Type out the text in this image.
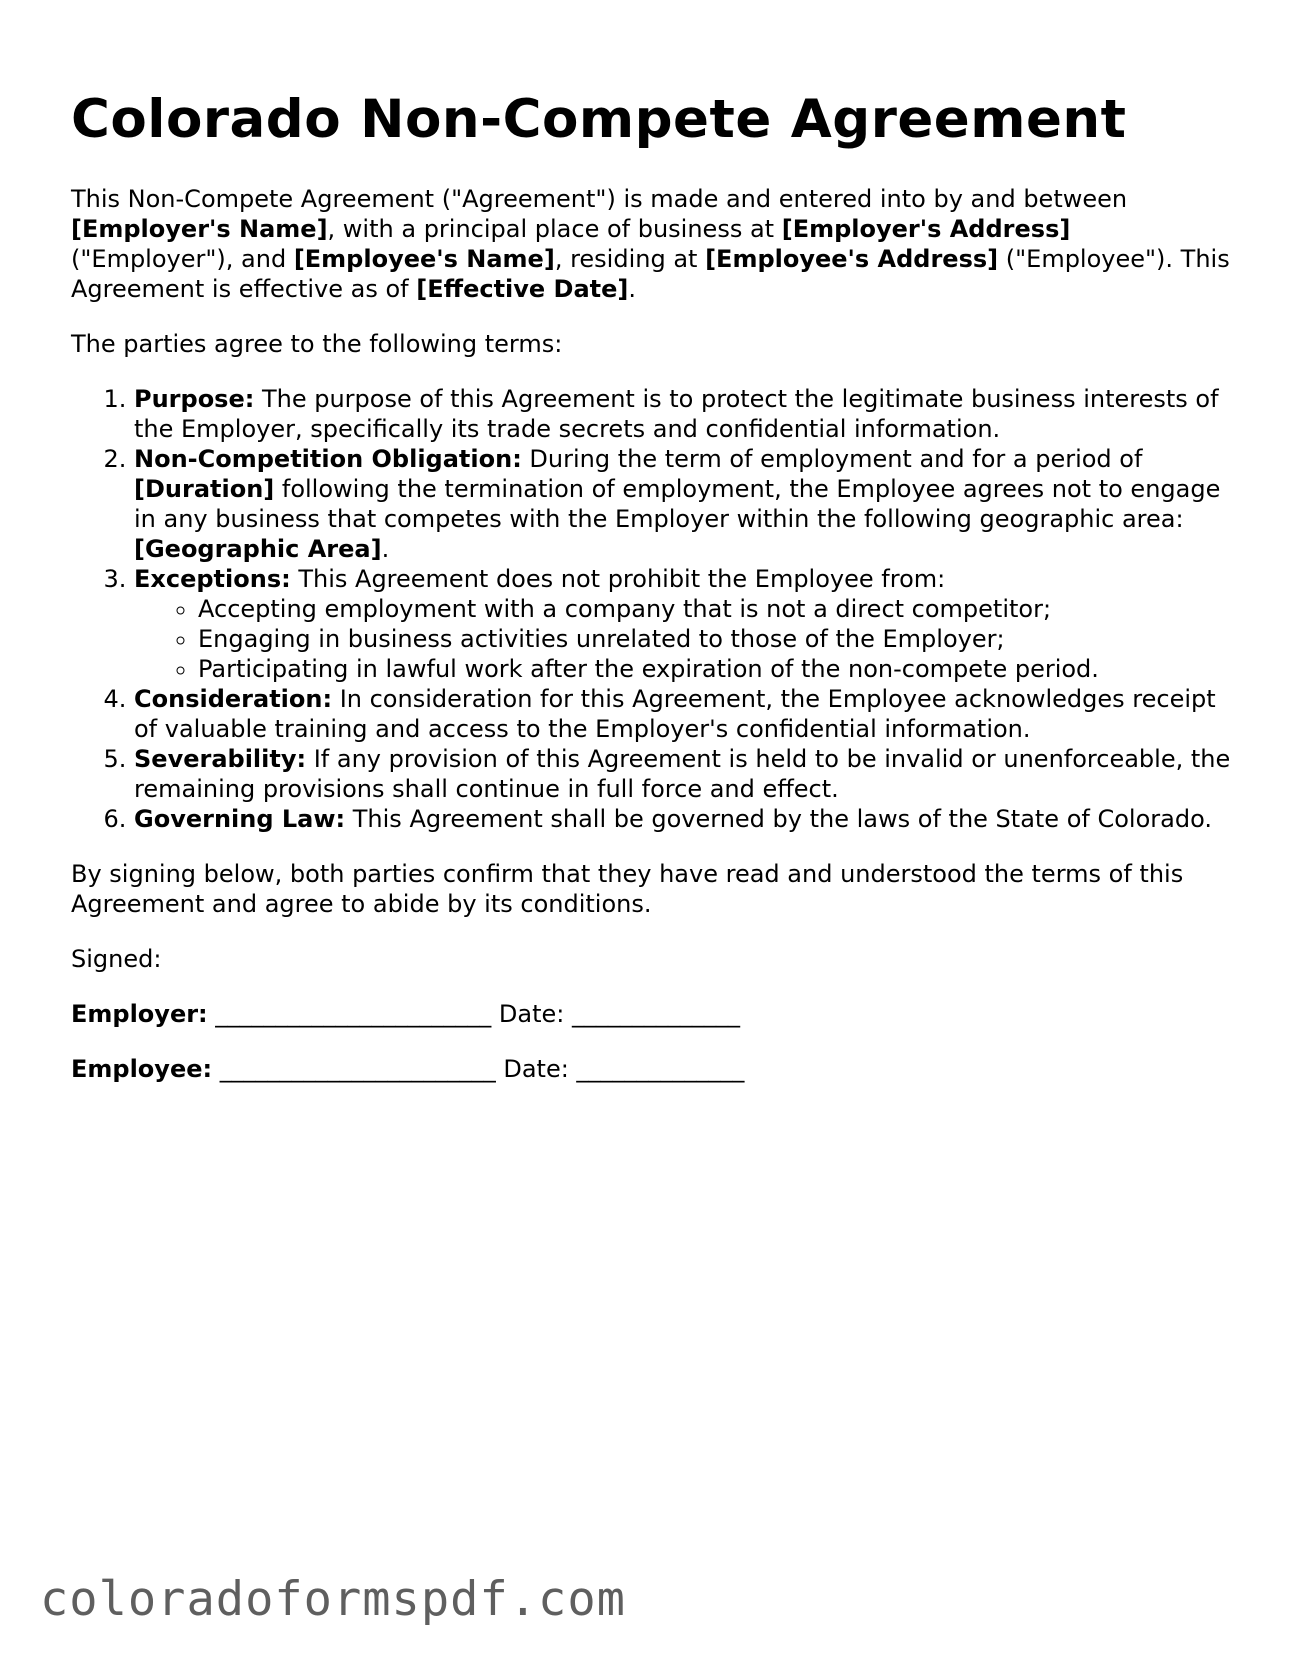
Colorado Non-Compete Agreement

This Non-Compete Agreement ("Agreement") is made and entered into by and between [Employer's Name], with a principal place of business at [Employer's Address] ("Employer"), and [Employee's Name], residing at [Employee's Address] ("Employee"). This Agreement is effective as of [Effective Date].

The parties agree to the following terms:

1. Purpose: The purpose of this Agreement is to protect the legitimate business interests of the Employer, specifically its trade secrets and confidential information.
2. Non-Competition Obligation: During the term of employment and for a period of [Duration] following the termination of employment, the Employee agrees not to engage in any business that competes with the Employer within the following geographic area: [Geographic Area].
3. Exceptions: This Agreement does not prohibit the Employee from:
◦ Accepting employment with a company that is not a direct competitor;
◦ Engaging in business activities unrelated to those of the Employer;
◦ Participating in lawful work after the expiration of the non-compete period.
4. Consideration: In consideration for this Agreement, the Employee acknowledges receipt of valuable training and access to the Employer's confidential information.
5. Severability: If any provision of this Agreement is held to be invalid or unenforceable, the remaining provisions shall continue in full force and effect.
6. Governing Law: This Agreement shall be governed by the laws of the State of Colorado.

By signing below, both parties confirm that they have read and understood the terms of this Agreement and agree to abide by its conditions.

Signed:

Employer: _______________________ Date: ______________

Employee: _______________________ Date: ______________

coloradoformspdf.com
